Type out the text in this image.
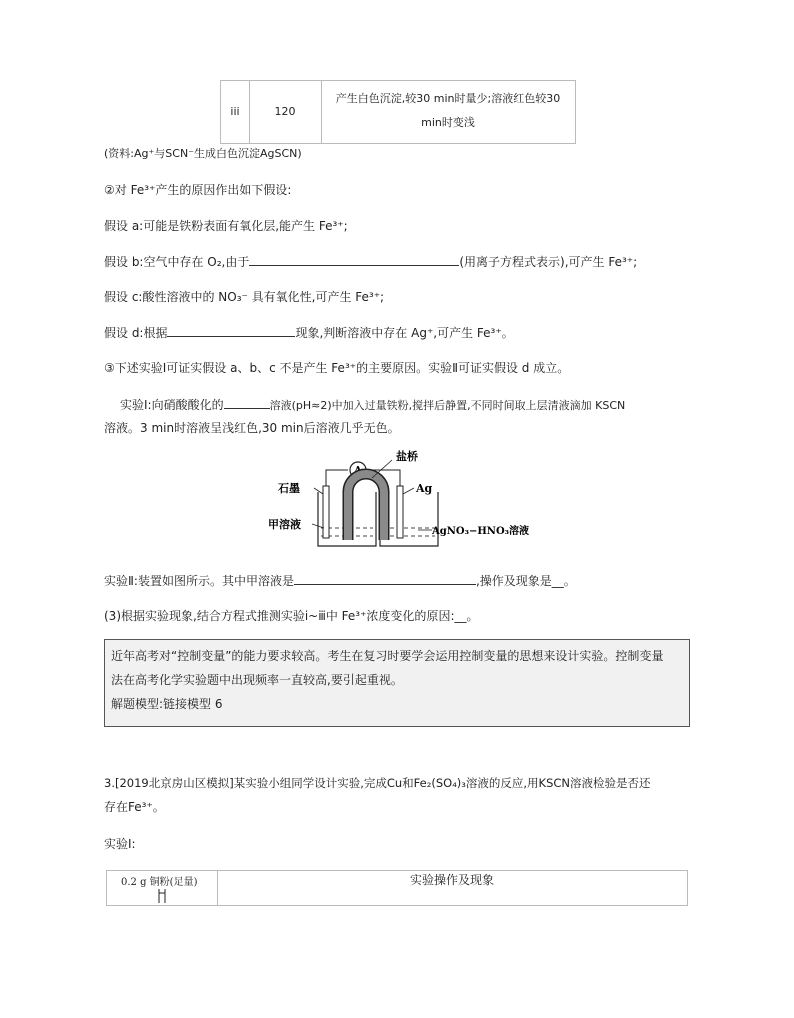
iii	120
产生白色沉淀,较30 min时量少;溶液红色较30
min时变浅
(资料:Ag⁺与SCN⁻生成白色沉淀AgSCN)
②对 Fe³⁺产生的原因作出如下假设:
假设 a:可能是铁粉表面有氧化层,能产生 Fe³⁺;
假设 b:空气中存在 O₂,由于	(用离子方程式表示),可产生 Fe³⁺;
假设 c:酸性溶液中的 NO₃⁻ 具有氧化性,可产生 Fe³⁺;
假设 d:根据	现象,判断溶液中存在 Ag⁺,可产生 Fe³⁺。
③下述实验Ⅰ可证实假设 a、b、c 不是产生 Fe³⁺的主要原因。实验Ⅱ可证实假设 d 成立。
实验Ⅰ:向硝酸酸化的	溶液(pH≈2)中加入过量铁粉,搅拌后静置,不同时间取上层清液滴加 KSCN
溶液。3 min时溶液呈浅红色,30 min后溶液几乎无色。
A
盐桥
石墨	Ag
甲溶液
AgNO₃−HNO₃溶液
实验Ⅱ:装置如图所示。其中甲溶液是	,操作及现象是__。
(3)根据实验现象,结合方程式推测实验ⅰ~ⅲ中 Fe³⁺浓度变化的原因:__。
近年高考对“控制变量”的能力要求较高。考生在复习时要学会运用控制变量的思想来设计实验。控制变量
法在高考化学实验题中出现频率一直较高,要引起重视。
解题模型:链接模型 6
3.[2019北京房山区模拟]某实验小组同学设计实验,完成Cu和Fe₂(SO₄)₃溶液的反应,用KSCN溶液检验是否还
存在Fe³⁺。
实验Ⅰ:
0.2 g 铜粉(足量)	实验操作及现象
